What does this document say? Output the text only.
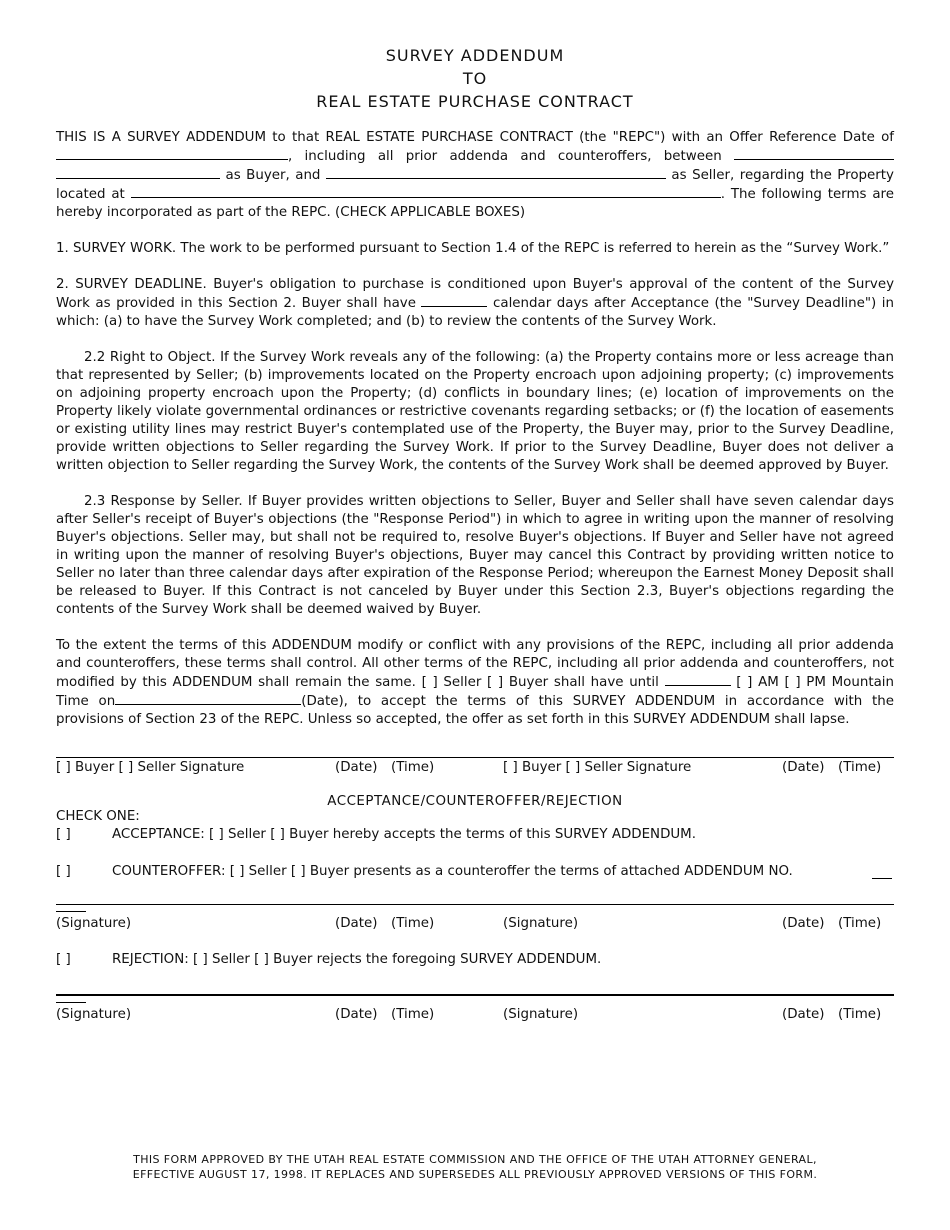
SURVEY ADDENDUM
TO
REAL ESTATE PURCHASE CONTRACT

THIS IS A SURVEY ADDENDUM to that REAL ESTATE PURCHASE CONTRACT (the "REPC") with an Offer Reference Date of , including all prior addenda and counteroffers, between   as Buyer, and	as Seller, regarding the Property located at	. The following terms are hereby incorporated as part of the REPC. (CHECK APPLICABLE BOXES)

1. SURVEY WORK. The work to be performed pursuant to Section 1.4 of the REPC is referred to herein as the “Survey Work.”

2. SURVEY DEADLINE. Buyer's obligation to purchase is conditioned upon Buyer's approval of the content of the Survey Work as provided in this Section 2. Buyer shall have	calendar days after Acceptance (the "Survey Deadline") in which: (a) to have the Survey Work completed; and (b) to review the contents of the Survey Work.

2.2 Right to Object. If the Survey Work reveals any of the following: (a) the Property contains more or less acreage than that represented by Seller; (b) improvements located on the Property encroach upon adjoining property; (c) improvements on adjoining property encroach upon the Property; (d) conflicts in boundary lines; (e) location of improvements on the Property likely violate governmental ordinances or restrictive covenants regarding setbacks; or (f) the location of easements or existing utility lines may restrict Buyer's contemplated use of the Property, the Buyer may, prior to the Survey Deadline, provide written objections to Seller regarding the Survey Work. If prior to the Survey Deadline, Buyer does not deliver a written objection to Seller regarding the Survey Work, the contents of the Survey Work shall be deemed approved by Buyer.

2.3 Response by Seller. If Buyer provides written objections to Seller, Buyer and Seller shall have seven calendar days after Seller's receipt of Buyer's objections (the "Response Period") in which to agree in writing upon the manner of resolving Buyer's objections. Seller may, but shall not be required to, resolve Buyer's objections. If Buyer and Seller have not agreed in writing upon the manner of resolving Buyer's objections, Buyer may cancel this Contract by providing written notice to Seller no later than three calendar days after expiration of the Response Period; whereupon the Earnest Money Deposit shall be released to Buyer. If this Contract is not canceled by Buyer under this Section 2.3, Buyer's objections regarding the contents of the Survey Work shall be deemed waived by Buyer.

To the extent the terms of this ADDENDUM modify or conflict with any provisions of the REPC, including all prior addenda and counteroffers, these terms shall control. All other terms of the REPC, including all prior addenda and counteroffers, not modified by this ADDENDUM shall remain the same. [ ] Seller [ ] Buyer shall have until	[ ] AM [ ] PM Mountain Time on	(Date), to accept the terms of this SURVEY ADDENDUM in accordance with the provisions of Section 23 of the REPC. Unless so accepted, the offer as set forth in this SURVEY ADDENDUM shall lapse.

[ ] Buyer [ ] Seller Signature	(Date) (Time)	[ ] Buyer [ ] Seller Signature	(Date) (Time)
ACCEPTANCE/COUNTEROFFER/REJECTION
CHECK ONE:
[ ]	ACCEPTANCE: [ ] Seller [ ] Buyer hereby accepts the terms of this SURVEY ADDENDUM.
[ ]	COUNTEROFFER: [ ] Seller [ ] Buyer presents as a counteroffer the terms of attached ADDENDUM NO.
(Signature)	(Date) (Time)	(Signature)	(Date) (Time)
[ ]	REJECTION: [ ] Seller [ ] Buyer rejects the foregoing SURVEY ADDENDUM.
(Signature)	(Date) (Time)	(Signature)	(Date) (Time)
THIS FORM APPROVED BY THE UTAH REAL ESTATE COMMISSION AND THE OFFICE OF THE UTAH ATTORNEY GENERAL,
EFFECTIVE AUGUST 17, 1998. IT REPLACES AND SUPERSEDES ALL PREVIOUSLY APPROVED VERSIONS OF THIS FORM.
